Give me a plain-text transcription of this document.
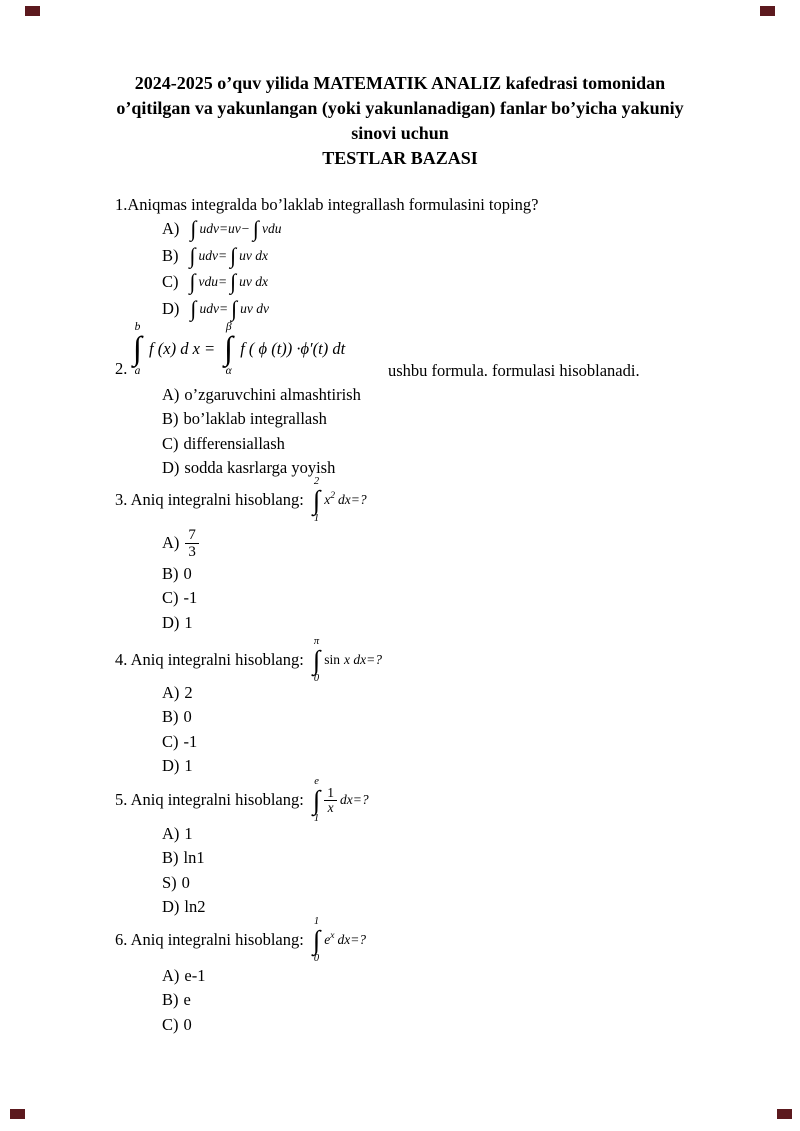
2024-2025 o’quv yilida MATEMATIK ANALIZ kafedrasi tomonidan
o’qitilgan va yakunlangan (yoki yakunlanadigan) fanlar bo’yicha yakuniy
sinovi uchun
TESTLAR BAZASI
1.Aniqmas integralda bo’laklab integrallash formulasini toping?
A) ∫ udv=uv− ∫ vdu
B) ∫ udv= ∫ uv dx
C) ∫ vdu= ∫ uv dx
D) ∫ udv= ∫ uv dv
2.
b
∫
a
f (x) d x =
β
∫
α
f ( ϕ (t)) ·ϕ′(t) dt
ushbu formula. formulasi hisoblanadi.
A) o’zgaruvchini almashtirish
B) bo’laklab integrallash
C) differensiallash
D) sodda kasrlarga yoyish
3. Aniq integralni hisoblang:
2
∫
1
$x^2$ dx=?
$A) \frac{7}{3}$
B) 0
C) -1
D) 1
4. Aniq integralni hisoblang:
π
∫
0
sin x dx=?
A) 2
B) 0
C) -1
D) 1
5. Aniq integralni hisoblang:
e
∫
1
$\frac{1}{x} dx=$?
A) 1
B) ln1
S) 0
D) ln2
6. Aniq integralni hisoblang:
1
∫
0
$e^x$ dx=?
A) e-1
B) e
C) 0
